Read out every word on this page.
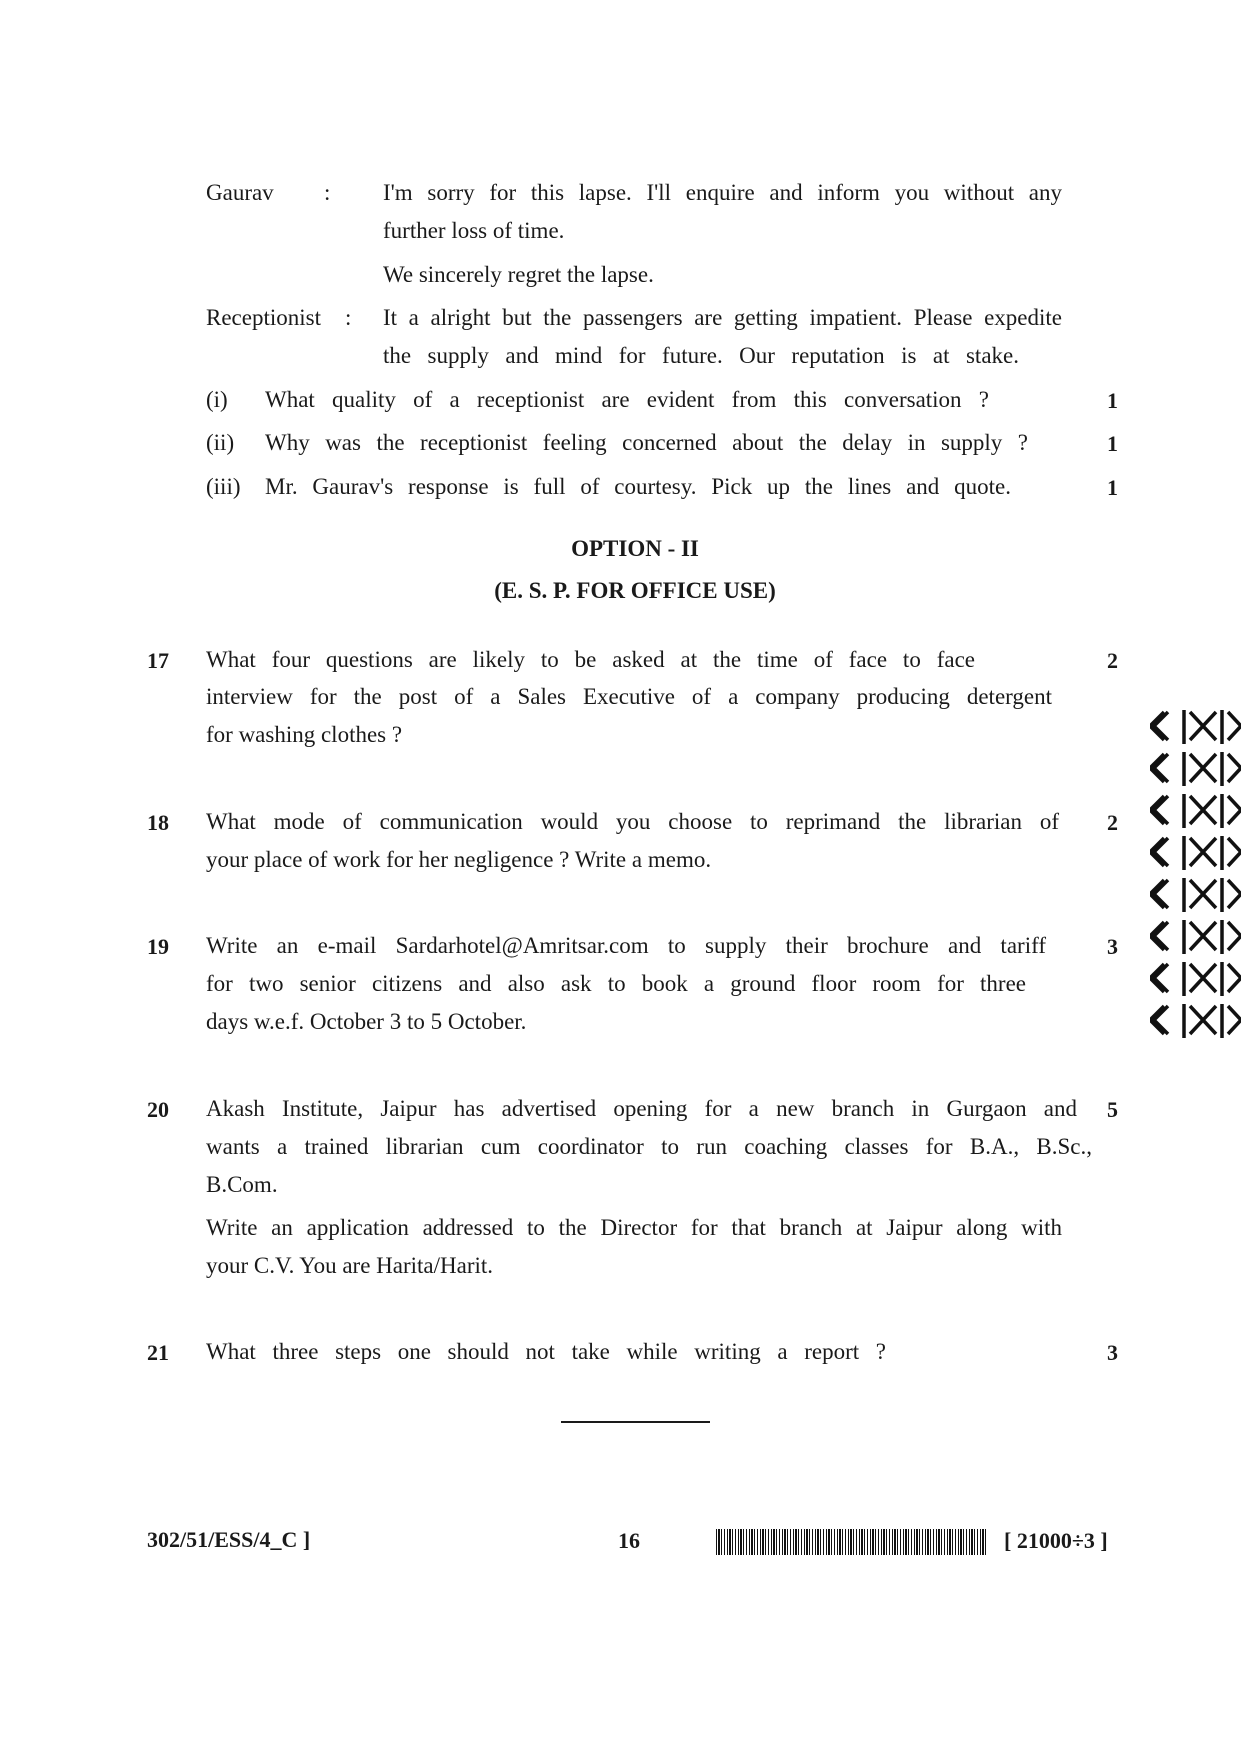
Gaurav : I'm sorry for this lapse. I'll enquire and inform you without any
further loss of time.
We sincerely regret the lapse.
Receptionist : It a alright but the passengers are getting impatient. Please expedite
the supply and mind for future. Our reputation is at stake.
(i) What quality of a receptionist are evident from this conversation ?	1
(ii) Why was the receptionist feeling concerned about the delay in supply ?	1
(iii) Mr. Gaurav's response is full of courtesy. Pick up the lines and quote.	1
OPTION - II
(E. S. P. FOR OFFICE USE)
17 What four questions are likely to be asked at the time of face to face
interview for the post of a Sales Executive of a company producing detergent
for washing clothes ?
2
18 What mode of communication would you choose to reprimand the librarian of
your place of work for her negligence ? Write a memo.
2
19 Write an e-mail Sardarhotel@Amritsar.com to supply their brochure and tariff
for two senior citizens and also ask to book a ground floor room for three
days w.e.f. October 3 to 5 October.
3
20 Akash Institute, Jaipur has advertised opening for a new branch in Gurgaon and
wants a trained librarian cum coordinator to run coaching classes for B.A., B.Sc.,
B.Com.
Write an application addressed to the Director for that branch at Jaipur along with
your C.V. You are Harita/Harit.
5
21 What three steps one should not take while writing a report ?	3
302/51/ESS/4_C ]	16	[ 21000÷3 ]
